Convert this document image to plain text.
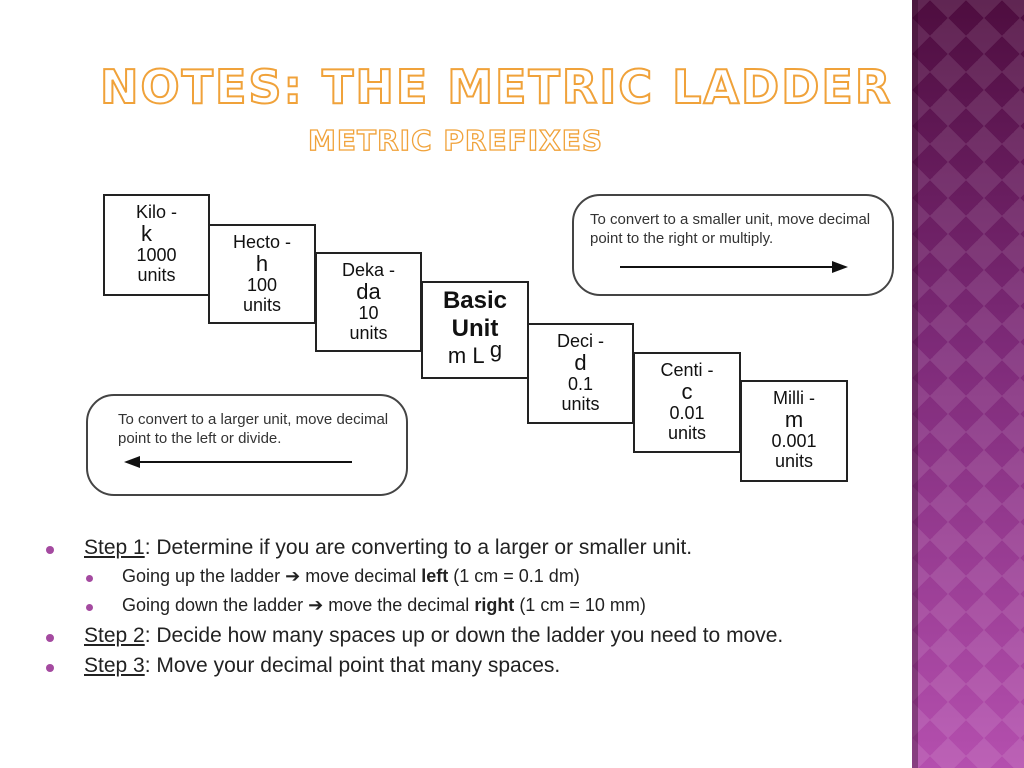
NOTES: THE METRIC LADDER
METRIC PREFIXES
Kilo -
k
1000
units
Hecto -
h
100
units
Deka -
da
10
units
Basic
Unit
m L g	Deci -
d
0.1
units
Centi -
c
0.01
units
Milli -
m
0.001
units
To convert to a smaller unit, move decimal point to the right or multiply.
To convert to a larger unit, move decimal point to the left or divide.
Step 1: Determine if you are converting to a larger or smaller unit.
Going up the ladder ➔ move decimal left (1 cm = 0.1 dm)
Going down the ladder ➔ move the decimal right (1 cm = 10 mm)
Step 2: Decide how many spaces up or down the ladder you need to move.
Step 3: Move your decimal point that many spaces.
